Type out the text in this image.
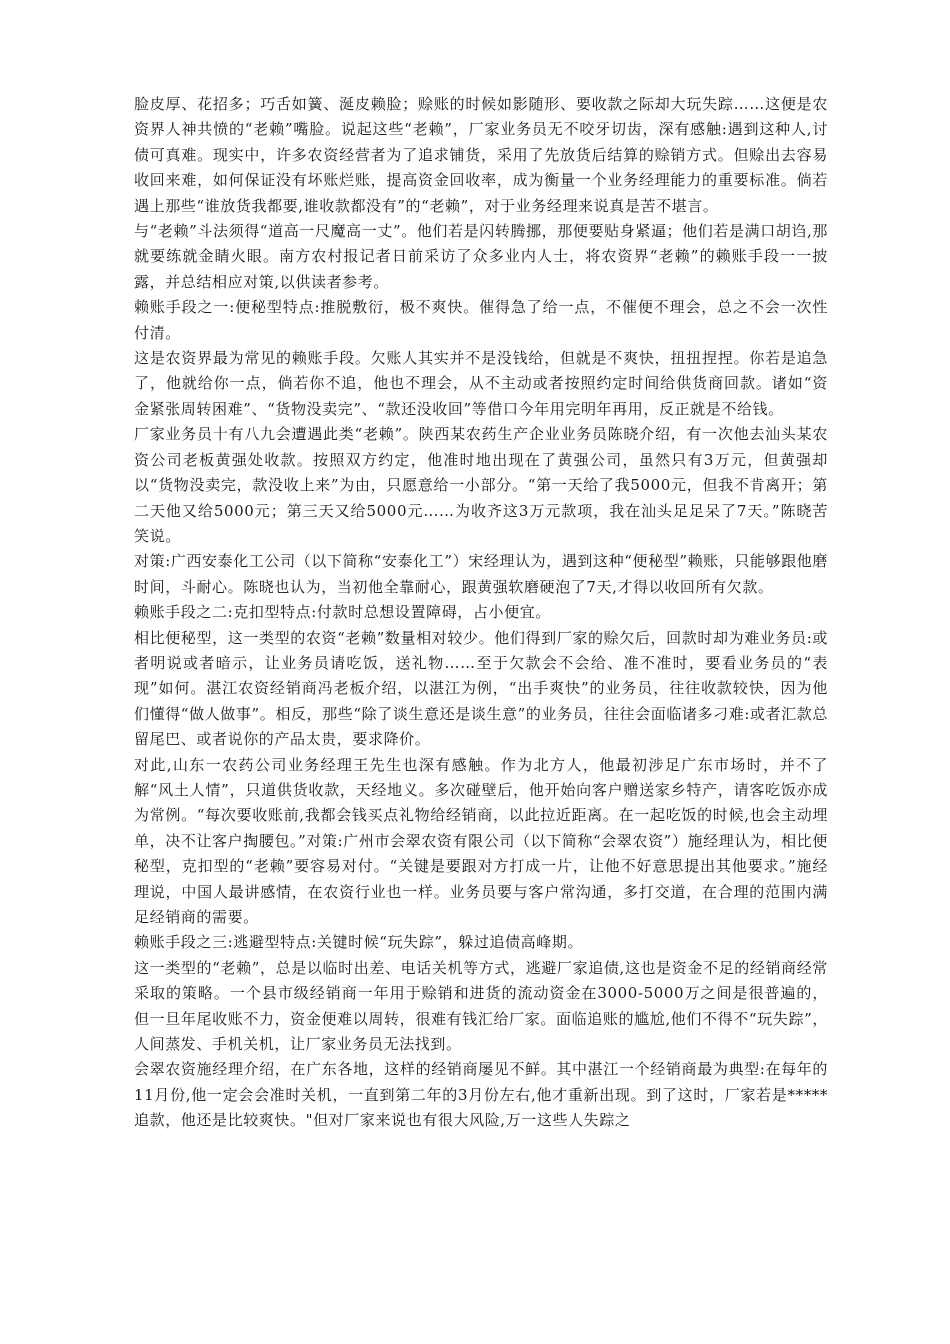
脸皮厚、花招多；巧舌如簧、涎皮赖脸；赊账的时候如影随形、要收款之际却大玩失踪……这便是农资界人神共愤的“老赖”嘴脸。说起这些“老赖”，厂家业务员无不咬牙切齿，深有感触:遇到这种人,讨债可真难。现实中，许多农资经营者为了追求铺货，采用了先放货后结算的赊销方式。但赊出去容易收回来难，如何保证没有坏账烂账，提高资金回收率，成为衡量一个业务经理能力的重要标准。倘若遇上那些“谁放货我都要,谁收款都没有”的“老赖”，对于业务经理来说真是苦不堪言。

与“老赖”斗法须得“道高一尺魔高一丈”。他们若是闪转腾挪，那便要贴身紧逼；他们若是满口胡诌,那就要练就金睛火眼。南方农村报记者日前采访了众多业内人士，将农资界“老赖”的赖账手段一一披露，并总结相应对策,以供读者参考。

赖账手段之一:便秘型特点:推脱敷衍，极不爽快。催得急了给一点，不催便不理会，总之不会一次性付清。

这是农资界最为常见的赖账手段。欠账人其实并不是没钱给，但就是不爽快，扭扭捏捏。你若是追急了，他就给你一点，倘若你不追，他也不理会，从不主动或者按照约定时间给供货商回款。诸如“资金紧张周转困难”、“货物没卖完”、“款还没收回”等借口今年用完明年再用，反正就是不给钱。

厂家业务员十有八九会遭遇此类“老赖”。陕西某农药生产企业业务员陈晓介绍，有一次他去汕头某农资公司老板黄强处收款。按照双方约定，他准时地出现在了黄强公司，虽然只有3万元，但黄强却以“货物没卖完，款没收上来”为由，只愿意给一小部分。“第一天给了我5000元，但我不肯离开；第二天他又给5000元；第三天又给5000元……为收齐这3万元款项，我在汕头足足呆了7天。”陈晓苦笑说。

对策:广西安泰化工公司（以下简称“安泰化工”）宋经理认为，遇到这种“便秘型”赖账，只能够跟他磨时间，斗耐心。陈晓也认为，当初他全靠耐心，跟黄强软磨硬泡了7天,才得以收回所有欠款。

赖账手段之二:克扣型特点:付款时总想设置障碍，占小便宜。

相比便秘型，这一类型的农资“老赖”数量相对较少。他们得到厂家的赊欠后，回款时却为难业务员:或者明说或者暗示，让业务员请吃饭，送礼物……至于欠款会不会给、准不准时，要看业务员的“表现”如何。湛江农资经销商冯老板介绍，以湛江为例，“出手爽快”的业务员，往往收款较快，因为他们懂得“做人做事”。相反，那些“除了谈生意还是谈生意”的业务员，往往会面临诸多刁难:或者汇款总留尾巴、或者说你的产品太贵，要求降价。

对此,山东一农药公司业务经理王先生也深有感触。作为北方人，他最初涉足广东市场时，并不了解“风土人情”，只道供货收款，天经地义。多次碰壁后，他开始向客户赠送家乡特产，请客吃饭亦成为常例。“每次要收账前,我都会钱买点礼物给经销商，以此拉近距离。在一起吃饭的时候,也会主动埋单，决不让客户掏腰包。”对策:广州市会翠农资有限公司（以下简称“会翠农资”）施经理认为，相比便秘型，克扣型的“老赖”要容易对付。“关键是要跟对方打成一片，让他不好意思提出其他要求。”施经理说，中国人最讲感情，在农资行业也一样。业务员要与客户常沟通，多打交道，在合理的范围内满足经销商的需要。

赖账手段之三:逃避型特点:关键时候“玩失踪”，躲过追债高峰期。

这一类型的“老赖”，总是以临时出差、电话关机等方式，逃避厂家追债,这也是资金不足的经销商经常采取的策略。一个县市级经销商一年用于赊销和进货的流动资金在3000-5000万之间是很普遍的，但一旦年尾收账不力，资金便难以周转，很难有钱汇给厂家。面临追账的尴尬,他们不得不“玩失踪”，人间蒸发、手机关机，让厂家业务员无法找到。

会翠农资施经理介绍，在广东各地，这样的经销商屡见不鲜。其中湛江一个经销商最为典型:在每年的11月份,他一定会会准时关机，一直到第二年的3月份左右,他才重新出现。到了这时，厂家若是*****追款，他还是比较爽快。"但对厂家来说也有很大风险,万一这些人失踪之
